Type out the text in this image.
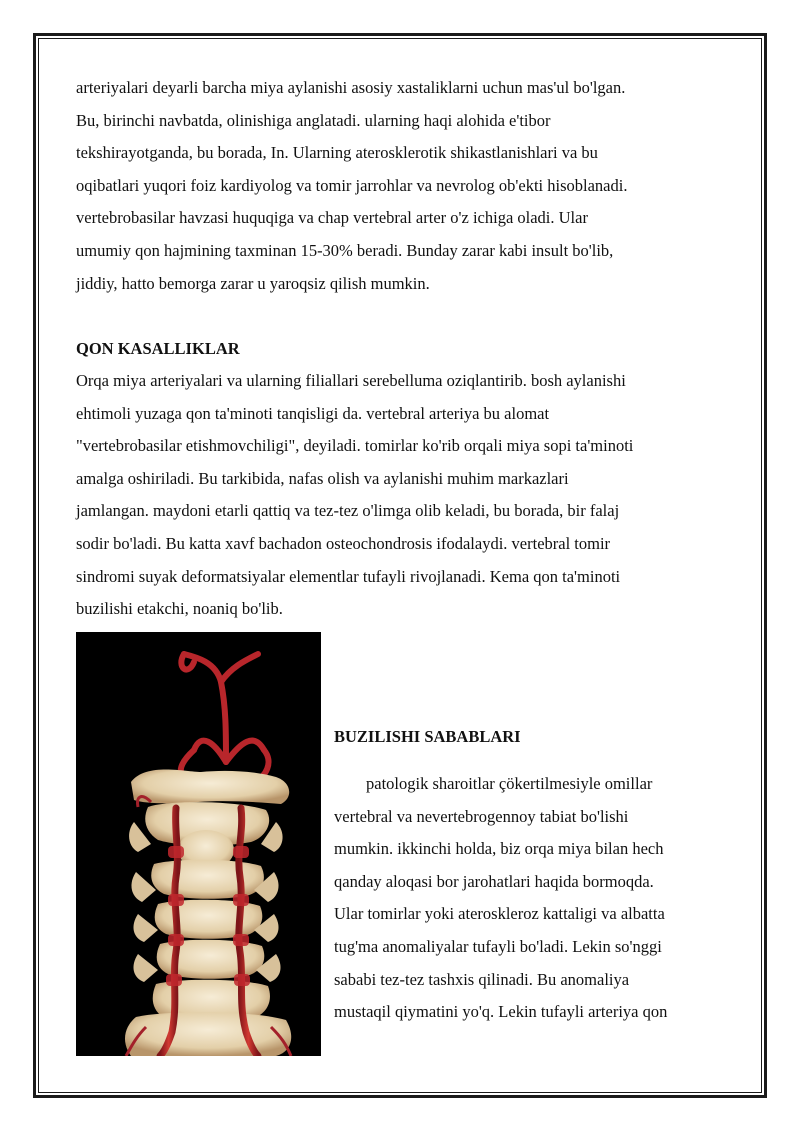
arteriyalari deyarli barcha miya aylanishi asosiy xastaliklarni uchun mas'ul bo'lgan.
Bu, birinchi navbatda, olinishiga anglatadi. ularning haqi alohida e'tibor
tekshirayotganda, bu borada, In. Ularning aterosklerotik shikastlanishlari va bu
oqibatlari yuqori foiz kardiyolog va tomir jarrohlar va nevrolog ob'ekti hisoblanadi.
vertebrobasilar havzasi huquqiga va chap vertebral arter o'z ichiga oladi. Ular
umumiy qon hajmining taxminan 15-30% beradi. Bunday zarar kabi insult bo'lib,
jiddiy, hatto bemorga zarar u yaroqsiz qilish mumkin.
QON KASALLIKLAR
Orqa miya arteriyalari va ularning filiallari serebelluma oziqlantirib. bosh aylanishi
ehtimoli yuzaga qon ta'minoti tanqisligi da. vertebral arteriya bu alomat
"vertebrobasilar etishmovchiligi", deyiladi. tomirlar ko'rib orqali miya sopi ta'minoti
amalga oshiriladi. Bu tarkibida, nafas olish va aylanishi muhim markazlari
jamlangan. maydoni etarli qattiq va tez-tez o'limga olib keladi, bu borada, bir falaj
sodir bo'ladi. Bu katta xavf bachadon osteochondrosis ifodalaydi. vertebral tomir
sindromi suyak deformatsiyalar elementlar tufayli rivojlanadi. Kema qon ta'minoti
buzilishi etakchi, noaniq bo'lib.
BUZILISHI SABABLARI
patologik sharoitlar çökertilmesiyle omillar
vertebral va nevertebrogennoy tabiat bo'lishi
mumkin. ikkinchi holda, biz orqa miya bilan hech
qanday aloqasi bor jarohatlari haqida bormoqda.
Ular tomirlar yoki ateroskleroz kattaligi va albatta
tug'ma anomaliyalar tufayli bo'ladi. Lekin so'nggi
sababi tez-tez tashxis qilinadi. Bu anomaliya
mustaqil qiymatini yo'q. Lekin tufayli arteriya qon
